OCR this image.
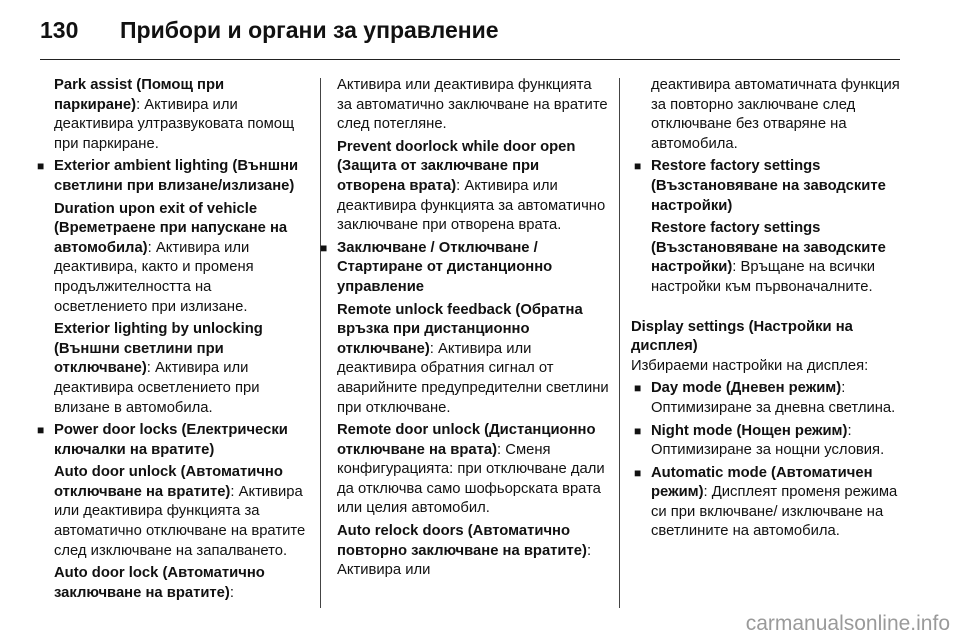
130 Прибори и органи за управление
Park assist (Помощ при паркиране): Активира или деактивира ултразвуковата помощ при паркиране.
■ Exterior ambient lighting (Външни светлини при влизане/излизане)
Duration upon exit of vehicle (Времетраене при напускане на автомобила): Активира или деактивира, както и променя продължителността на осветлението при излизане.
Exterior lighting by unlocking (Външни светлини при отключване): Активира или деактивира осветлението при влизане в автомобила.
■ Power door locks (Електрически ключалки на вратите)
Auto door unlock (Автоматично отключване на вратите): Активира или деактивира функцията за автоматично отключване на вратите след изключване на запалването.
Auto door lock (Автоматично заключване на вратите):
Активира или деактивира функцията за автоматично заключване на вратите след потегляне.
Prevent doorlock while door open (Защита от заключване при отворена врата): Активира или деактивира функцията за автоматично заключване при отворена врата.
■ Заключване / Отключване / Стартиране от дистанционно управление
Remote unlock feedback (Обратна връзка при дистанционно отключване): Активира или деактивира обратния сигнал от аварийните предупредителни светлини при отключване.
Remote door unlock (Дистанционно отключване на врата): Сменя конфигурацията: при отключване дали да отключва само шофьорската врата или целия автомобил.
Auto relock doors (Автоматично повторно заключване на вратите): Активира или
деактивира автоматичната функция за повторно заключване след отключване без отваряне на автомобила.
■ Restore factory settings (Възстановяване на заводските настройки)
Restore factory settings (Възстановяване на заводските настройки): Връщане на всички настройки към първоначалните.
Display settings (Настройки на дисплея)
Избираеми настройки на дисплея:
■ Day mode (Дневен режим): Оптимизиране за дневна светлина.
■ Night mode (Нощен режим): Оптимизиране за нощни условия.
■ Automatic mode (Автоматичен режим): Дисплеят променя режима си при включване/ изключване на светлините на автомобила.
carmanualsonline.info
